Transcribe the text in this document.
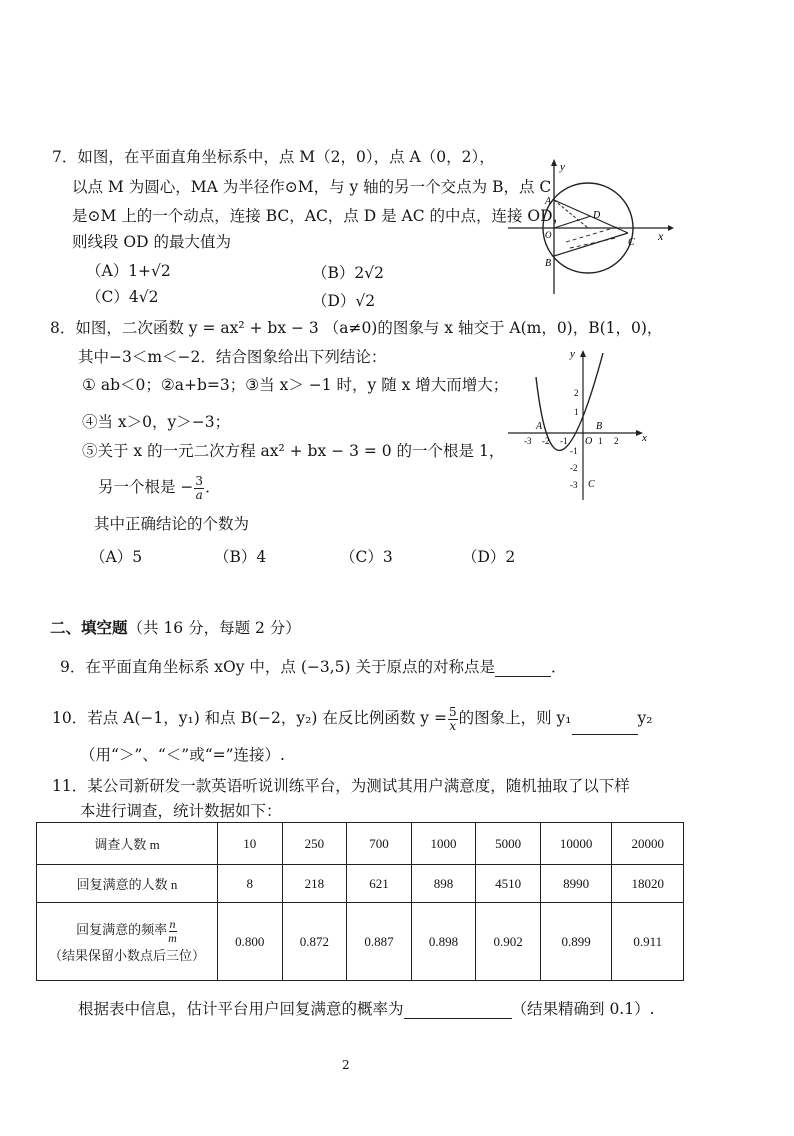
7．如图，在平面直角坐标系中，点 M（2，0），点 A（0，2），
以点 M 为圆心，MA 为半径作⊙M，与 y 轴的另一个交点为 B，点 C
是⊙M 上的一个动点，连接 BC，AC，点 D 是 AC 的中点，连接 OD，
则线段 OD 的最大值为
（A）1+√2	（B）2√2
（C）4√2	（D）√2
y
x
A
B
C
D
O
8．如图，二次函数 y = ax² + bx − 3 （a≠0)的图象与 x 轴交于 A(m，0)，B(1，0)，
其中−3＜m＜−2．结合图象给出下列结论：
① ab＜0；②a+b=3；③当 x＞ −1 时，y 随 x 增大而增大；
④当 x＞0，y＞−3；
⑤关于 x 的一元二次方程 ax² + bx − 3 = 0 的一个根是 1，
另一个根是 − $\frac{3}{a}$ ．
其中正确结论的个数为
（A）5	（B）4	（C）3	（D）2
y
x
O
A	B
C
-3 -2 -1	1 2
2
1
-1
-2
-3
二、填空题（共 16 分，每题 2 分）
9．在平面直角坐标系 xOy 中，点 (−3,5) 关于原点的对称点是	．
10．若点 A(−1，y₁) 和点 B(−2，y₂) 在反比例函数 $y = \frac{5}{x}$ 的图象上，则 y₁	y₂
（用“＞”、“＜”或“=”连接）.
11．某公司新研发一款英语听说训练平台，为测试其用户满意度，随机抽取了以下样
本进行调查，统计数据如下：
调查人数 m	10	250	700	1000	5000	10000	20000
回复满意的人数 n	8	218	621	898	4510	8990	18020

回复满意的频率 $\frac{n}{m}$
（结果保留小数点后三位）	0.800	0.872	0.887	0.898	0.902	0.899	0.911
根据表中信息，估计平台用户回复满意的概率为	（结果精确到 0.1）.
2
